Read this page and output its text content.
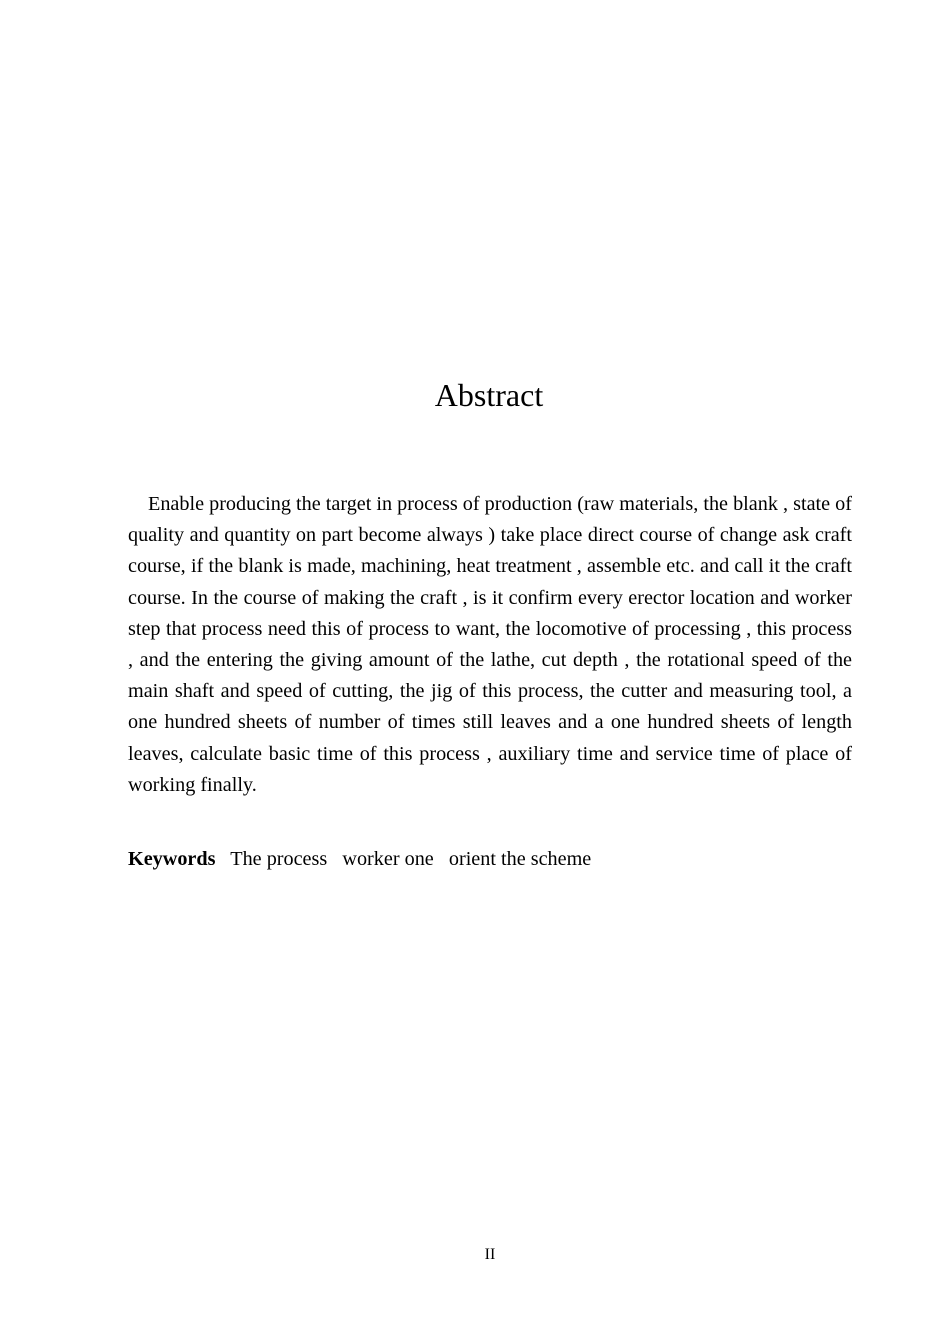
Abstract

Enable producing the target in process of production (raw materials, the blank , state of quality and quantity on part become always ) take place direct course of change ask craft course, if the blank is made, machining, heat treatment , assemble etc. and call it the craft course. In the course of making the craft , is it confirm every erector location and worker step that process need this of process to want, the locomotive of processing , this process , and the entering the giving amount of the lathe, cut depth , the rotational speed of the main shaft and speed of cutting, the jig of this process, the cutter and measuring tool, a one hundred sheets of number of times still leaves and a one hundred sheets of length leaves, calculate basic time of this process , auxiliary time and service time of place of working finally.

Keywords   The process   worker one   orient the scheme

II
